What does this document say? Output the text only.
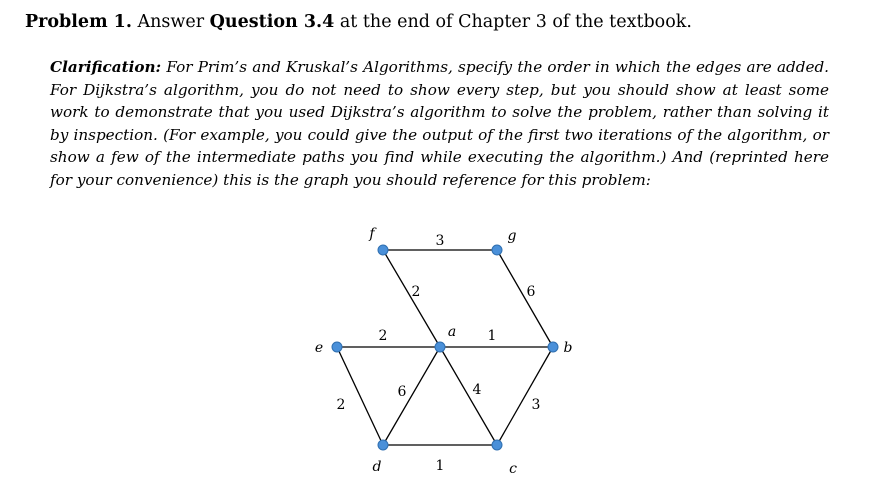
Problem 1. Answer Question 3.4 at the end of Chapter 3 of the textbook.
Clarification: For Prim’s and Kruskal’s Algorithms, specify the order in which the edges are added. For Dijkstra’s algorithm, you do not need to show every step, but you should show at least some work to demonstrate that you used Dijkstra’s algorithm to solve the problem, rather than solving it by inspection. (For example, you could give the output of the first two iterations of the algorithm, or show a few of the intermediate paths you find while executing the algorithm.) And (reprinted here for your convenience) this is the graph you should reference for this problem:
f	g
e
a
b
d	c
3
2	6
2	1
2
6	4
3
1
